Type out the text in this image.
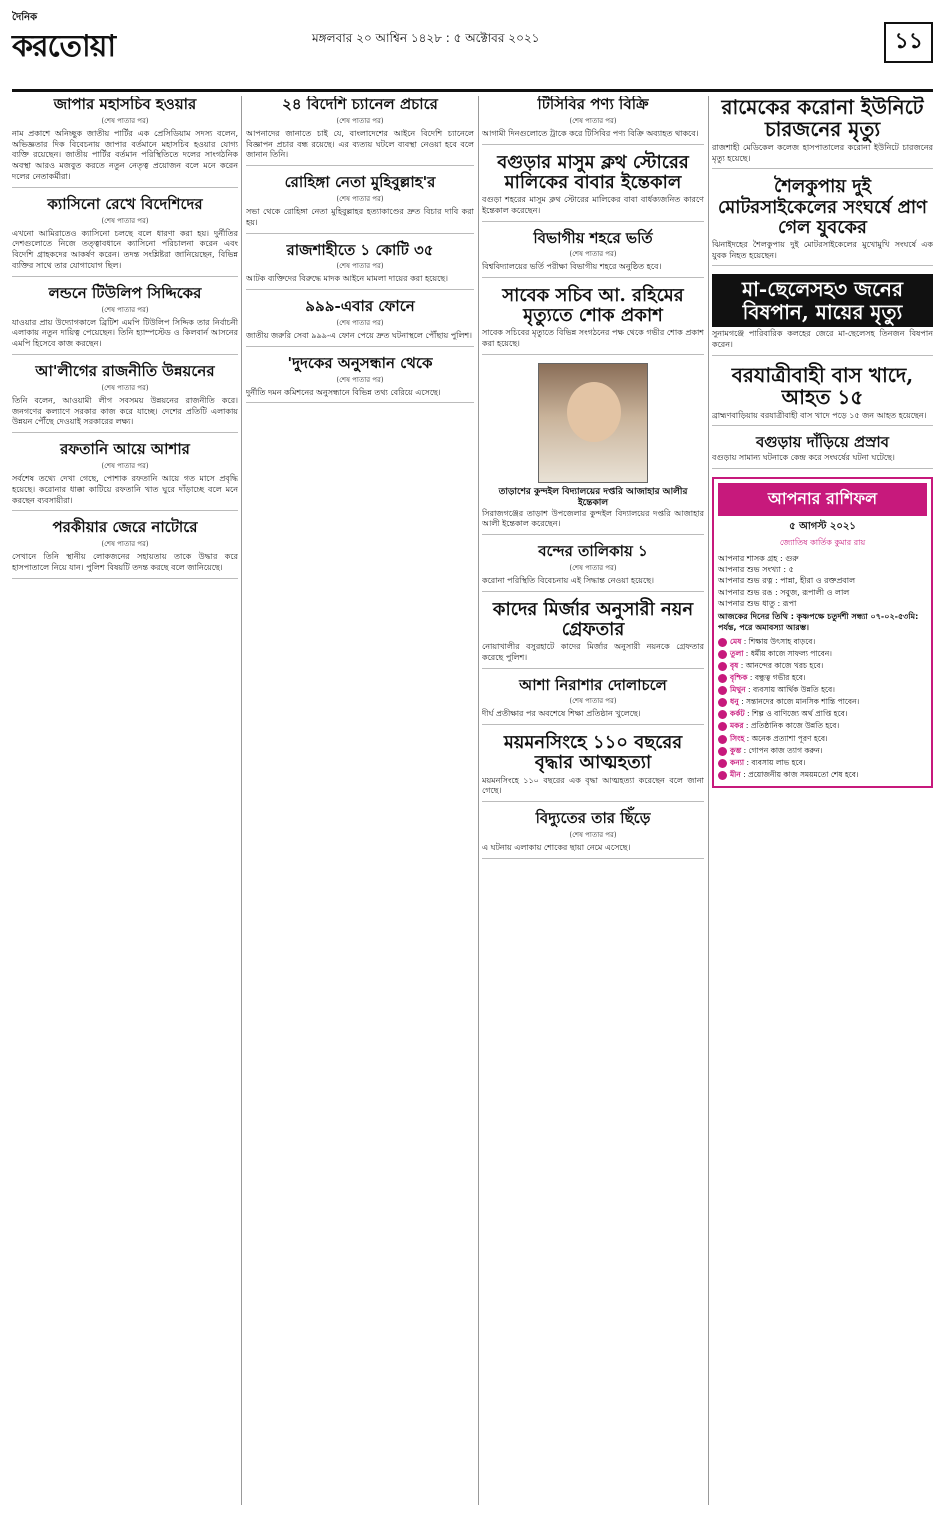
দৈনিক
করতোয়া	মঙ্গলবার ২০ আশ্বিন ১৪২৮ : ৫ অক্টোবর ২০২১	১১
জাপার মহাসচিব হওয়ার
(শেষ পাতার পর)
নাম প্রকাশে অনিচ্ছুক জাতীয় পার্টির এক প্রেসিডিয়াম সদস্য বলেন, অভিজ্ঞতার দিক বিবেচনায় জাপার বর্তমানে মহাসচিব হওয়ার যোগ্য ব্যক্তি রয়েছেন। জাতীয় পার্টির বর্তমান পরিস্থিতিতে দলের সাংগঠনিক অবস্থা আরও মজবুত করতে নতুন নেতৃত্ব প্রয়োজন বলে মনে করেন দলের নেতাকর্মীরা।
ক্যাসিনো রেখে বিদেশিদের
(শেষ পাতার পর)
এখনো আমিরাতেও ক্যাসিনো চলছে বলে ধারণা করা হয়। দুর্নীতির দেশগুলোতে নিজে তত্ত্বাবধানে ক্যাসিনো পরিচালনা করেন এবং বিদেশি গ্রাহকদের আকর্ষণ করেন। তদন্ত সংশ্লিষ্টরা জানিয়েছেন, বিভিন্ন ব্যক্তির সাথে তার যোগাযোগ ছিল।
লন্ডনে টিউলিপ সিদ্দিকের
(শেষ পাতার পর)
যাওয়ার প্রায় উদ্যোগকালে ব্রিটিশ এমপি টিউলিপ সিদ্দিক তার নির্বাচনী এলাকায় নতুন দায়িত্ব পেয়েছেন। তিনি হ্যাম্পস্টেড ও কিলবার্ন আসনের এমপি হিসেবে কাজ করছেন।
আ'লীগের রাজনীতি উন্নয়নের
(শেষ পাতার পর)
তিনি বলেন, আওয়ামী লীগ সবসময় উন্নয়নের রাজনীতি করে। জনগণের কল্যাণে সরকার কাজ করে যাচ্ছে। দেশের প্রতিটি এলাকায় উন্নয়ন পৌঁছে দেওয়াই সরকারের লক্ষ্য।
রফতানি আয়ে আশার
(শেষ পাতার পর)
সর্বশেষ তথ্যে দেখা গেছে, পোশাক রফতানি আয়ে গত মাসে প্রবৃদ্ধি হয়েছে। করোনার ধাক্কা কাটিয়ে রফতানি খাত ঘুরে দাঁড়াচ্ছে বলে মনে করছেন ব্যবসায়ীরা।
পরকীয়ার জেরে নাটোরে
(শেষ পাতার পর)
সেখানে তিনি স্থানীয় লোকজনের সহায়তায় তাকে উদ্ধার করে হাসপাতালে নিয়ে যান। পুলিশ বিষয়টি তদন্ত করছে বলে জানিয়েছে।
২৪ বিদেশি চ্যানেল প্রচারে
(শেষ পাতার পর)
আপনাদের জানাতে চাই যে, বাংলাদেশের আইনে বিদেশি চ্যানেলে বিজ্ঞাপন প্রচার বন্ধ রয়েছে। এর ব্যত্যয় ঘটলে ব্যবস্থা নেওয়া হবে বলে জানান তিনি।
রোহিঙ্গা নেতা মুহিবুল্লাহ'র
(শেষ পাতার পর)
সভা থেকে রোহিঙ্গা নেতা মুহিবুল্লাহর হত্যাকাণ্ডের দ্রুত বিচার দাবি করা হয়।
রাজশাহীতে ১ কোটি ৩৫
(শেষ পাতার পর)
আটক ব্যক্তিদের বিরুদ্ধে মাদক আইনে মামলা দায়ের করা হয়েছে।
৯৯৯-এবার ফোনে
(শেষ পাতার পর)
জাতীয় জরুরি সেবা ৯৯৯-এ ফোন পেয়ে দ্রুত ঘটনাস্থলে পৌঁছায় পুলিশ।
'দুদকের অনুসন্ধান থেকে
(শেষ পাতার পর)
দুর্নীতি দমন কমিশনের অনুসন্ধানে বিভিন্ন তথ্য বেরিয়ে এসেছে।
টিসিবির পণ্য বিক্রি
(শেষ পাতার পর)
আগামী দিনগুলোতে ট্রাকে করে টিসিবির পণ্য বিক্রি অব্যাহত থাকবে।
বগুড়ার মাসুম ক্লথ স্টোরের মালিকের বাবার ইন্তেকাল
বগুড়া শহরের মাসুম ক্লথ স্টোরের মালিকের বাবা বার্ধক্যজনিত কারণে ইন্তেকাল করেছেন।
বিভাগীয় শহরে ভর্তি
(শেষ পাতার পর)
বিশ্ববিদ্যালয়ের ভর্তি পরীক্ষা বিভাগীয় শহরে অনুষ্ঠিত হবে।
সাবেক সচিব আ. রহিমের মৃত্যুতে শোক প্রকাশ
সাবেক সচিবের মৃত্যুতে বিভিন্ন সংগঠনের পক্ষ থেকে গভীর শোক প্রকাশ করা হয়েছে।
তাড়াশের কুন্দইল বিদ্যালয়ের দপ্তরি আজাহার আলীর ইন্তেকাল
সিরাজগঞ্জের তাড়াশ উপজেলার কুন্দইল বিদ্যালয়ের দপ্তরি আজাহার আলী ইন্তেকাল করেছেন।
বন্দের তালিকায় ১
(শেষ পাতার পর)
করোনা পরিস্থিতি বিবেচনায় এই সিদ্ধান্ত নেওয়া হয়েছে।
কাদের মির্জার অনুসারী নয়ন গ্রেফতার
নোয়াখালীর বসুরহাটে কাদের মির্জার অনুসারী নয়নকে গ্রেফতার করেছে পুলিশ।
আশা নিরাশার দোলাচলে
(শেষ পাতার পর)
দীর্ঘ প্রতীক্ষার পর অবশেষে শিক্ষা প্রতিষ্ঠান খুলেছে।
ময়মনসিংহে ১১০ বছরের বৃদ্ধার আত্মহত্যা
ময়মনসিংহে ১১০ বছরের এক বৃদ্ধা আত্মহত্যা করেছেন বলে জানা গেছে।
বিদ্যুতের তার ছিঁড়ে
(শেষ পাতার পর)
এ ঘটনায় এলাকায় শোকের ছায়া নেমে এসেছে।
রামেকের করোনা ইউনিটে চারজনের মৃত্যু
রাজশাহী মেডিকেল কলেজ হাসপাতালের করোনা ইউনিটে চারজনের মৃত্যু হয়েছে।
শৈলকুপায় দুই মোটরসাইকেলের সংঘর্ষে প্রাণ গেল যুবকের
ঝিনাইদহের শৈলকুপায় দুই মোটরসাইকেলের মুখোমুখি সংঘর্ষে এক যুবক নিহত হয়েছেন।
মা-ছেলেসহ৩ জনের বিষপান, মায়ের মৃত্যু
সুনামগঞ্জে পারিবারিক কলহের জেরে মা-ছেলেসহ তিনজন বিষপান করেন।
বরযাত্রীবাহী বাস খাদে, আহত ১৫
ব্রাহ্মণবাড়িয়ায় বরযাত্রীবাহী বাস খাদে পড়ে ১৫ জন আহত হয়েছেন।
বগুড়ায় দাঁড়িয়ে প্রস্রাব
বগুড়ায় সামান্য ঘটনাকে কেন্দ্র করে সংঘর্ষের ঘটনা ঘটেছে।
আপনার রাশিফল
৫ আগস্ট ২০২১
জ্যোতিষ কার্তিক কুমার রায়
আপনার শাসক গ্রহ : গুরু
আপনার শুভ সংখ্যা : ৫
আপনার শুভ রত্ন : পান্না, হীরা ও রক্তপ্রবাল
আপনার শুভ রঙ : সবুজ, রূপালী ও লাল
আপনার শুভ ধাতু : রূপা
আজকের দিনের তিথি : কৃষ্ণপক্ষে চতুর্দশী সন্ধ্যা ০৭-০২-৫৩মি: পর্যন্ত, পরে অমাবস্যা আরম্ভ।
মেষ : শিক্ষায় উৎসাহ বাড়বে।
তুলা : ধর্মীয় কাজে সাফল্য পাবেন।
বৃষ : আনন্দের কাজে খরচ হবে।
বৃশ্চিক : বন্ধুত্ব গভীর হবে।
মিথুন : ব্যবসায় আর্থিক উন্নতি হবে।
ধনু : সন্তানদের কাজে মানসিক শান্তি পাবেন।
কর্কট : শিল্প ও বাণিজ্যে অর্থ প্রাপ্তি হবে।
মকর : প্রতিষ্ঠানিক কাজে উন্নতি হবে।
সিংহ : অনেক প্রত্যাশা পূরণ হবে।
কুম্ভ : গোপন কাজ ত্যাগ করুন।
কন্যা : ব্যবসায় লাভ হবে।
মীন : প্রয়োজনীয় কাজ সময়মতো শেষ হবে।
